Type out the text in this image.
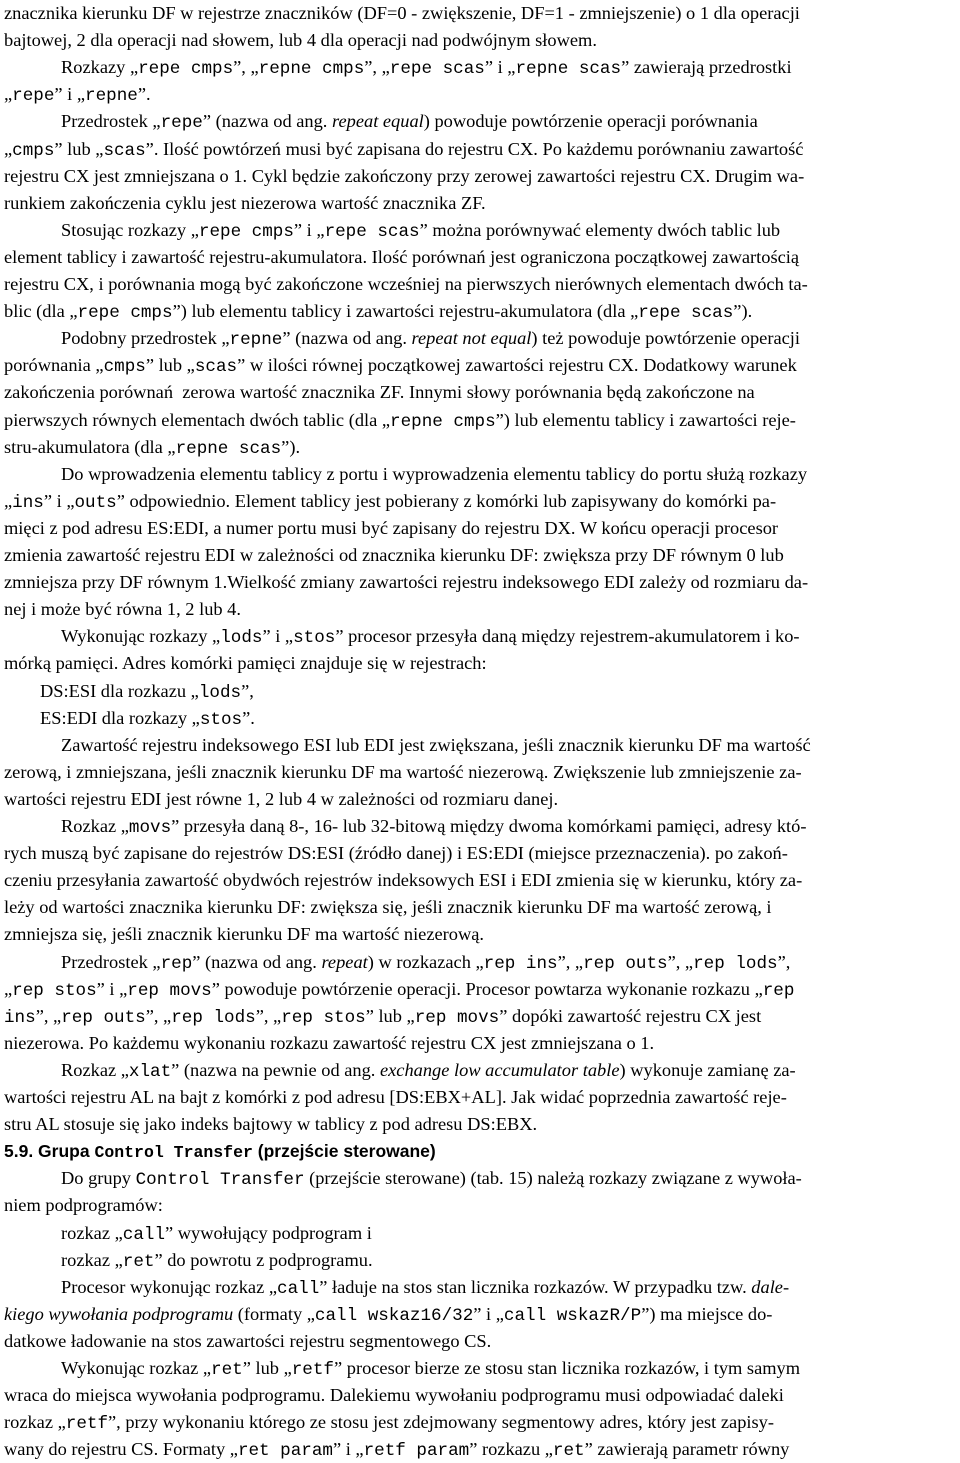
znacznika kierunku DF w rejestrze znaczników (DF=0 - zwiększenie, DF=1 - zmniejszenie) o 1 dla operacji
bajtowej, 2 dla operacji nad słowem, lub 4 dla operacji nad podwójnym słowem.
Rozkazy „repe cmps”, „repne cmps”, „repe scas” i „repne scas” zawierają przedrostki
„repe” i „repne”.
Przedrostek „repe” (nazwa od ang. repeat equal) powoduje powtórzenie operacji porównania
„cmps” lub „scas”. Ilość powtórzeń musi być zapisana do rejestru CX. Po każdemu porównaniu zawartość
rejestru CX jest zmniejszana o 1. Cykl będzie zakończony przy zerowej zawartości rejestru CX. Drugim wa-
runkiem zakończenia cyklu jest niezerowa wartość znacznika ZF.
Stosując rozkazy „repe cmps” i „repe scas” można porównywać elementy dwóch tablic lub
element tablicy i zawartość rejestru-akumulatora. Ilość porównań jest ograniczona początkowej zawartością
rejestru CX, i porównania mogą być zakończone wcześniej na pierwszych nierównych elementach dwóch ta-
blic (dla „repe cmps”) lub elementu tablicy i zawartości rejestru-akumulatora (dla „repe scas”).
Podobny przedrostek „repne” (nazwa od ang. repeat not equal) też powoduje powtórzenie operacji
porównania „cmps” lub „scas” w ilości równej początkowej zawartości rejestru CX. Dodatkowy warunek
zakończenia porównań  zerowa wartość znacznika ZF. Innymi słowy porównania będą zakończone na
pierwszych równych elementach dwóch tablic (dla „repne cmps”) lub elementu tablicy i zawartości reje-
stru-akumulatora (dla „repne scas”).
Do wprowadzenia elementu tablicy z portu i wyprowadzenia elementu tablicy do portu służą rozkazy
„ins” i „outs” odpowiednio. Element tablicy jest pobierany z komórki lub zapisywany do komórki pa-
mięci z pod adresu ES:EDI, a numer portu musi być zapisany do rejestru DX. W końcu operacji procesor
zmienia zawartość rejestru EDI w zależności od znacznika kierunku DF: zwiększa przy DF równym 0 lub
zmniejsza przy DF równym 1.Wielkość zmiany zawartości rejestru indeksowego EDI zależy od rozmiaru da-
nej i może być równa 1, 2 lub 4.
Wykonując rozkazy „lods” i „stos” procesor przesyła daną między rejestrem-akumulatorem i ko-
mórką pamięci. Adres komórki pamięci znajduje się w rejestrach:
DS:ESI dla rozkazu „lods”,
ES:EDI dla rozkazy „stos”.
Zawartość rejestru indeksowego ESI lub EDI jest zwiększana, jeśli znacznik kierunku DF ma wartość
zerową, i zmniejszana, jeśli znacznik kierunku DF ma wartość niezerową. Zwiększenie lub zmniejszenie za-
wartości rejestru EDI jest równe 1, 2 lub 4 w zależności od rozmiaru danej.
Rozkaz „movs” przesyła daną 8-, 16- lub 32-bitową między dwoma komórkami pamięci, adresy któ-
rych muszą być zapisane do rejestrów DS:ESI (źródło danej) i ES:EDI (miejsce przeznaczenia). po zakoń-
czeniu przesyłania zawartość obydwóch rejestrów indeksowych ESI i EDI zmienia się w kierunku, który za-
leży od wartości znacznika kierunku DF: zwiększa się, jeśli znacznik kierunku DF ma wartość zerową, i
zmniejsza się, jeśli znacznik kierunku DF ma wartość niezerową.
Przedrostek „rep” (nazwa od ang. repeat) w rozkazach „rep ins”, „rep outs”, „rep lods”,
„rep stos” i „rep movs” powoduje powtórzenie operacji. Procesor powtarza wykonanie rozkazu „rep
ins”, „rep outs”, „rep lods”, „rep stos” lub „rep movs” dopóki zawartość rejestru CX jest
niezerowa. Po każdemu wykonaniu rozkazu zawartość rejestru CX jest zmniejszana o 1.
Rozkaz „xlat” (nazwa na pewnie od ang. exchange low accumulator table) wykonuje zamianę za-
wartości rejestru AL na bajt z komórki z pod adresu [DS:EBX+AL]. Jak widać poprzednia zawartość reje-
stru AL stosuje się jako indeks bajtowy w tablicy z pod adresu DS:EBX.
5.9. Grupa Control Transfer (przejście sterowane)
Do grupy Control Transfer (przejście sterowane) (tab. 15) należą rozkazy związane z wywoła-
niem podprogramów:
rozkaz „call” wywołujący podprogram i
rozkaz „ret” do powrotu z podprogramu.
Procesor wykonując rozkaz „call” ładuje na stos stan licznika rozkazów. W przypadku tzw. dale-
kiego wywołania podprogramu (formaty „call wskaz16/32” i „call wskazR/P”) ma miejsce do-
datkowe ładowanie na stos zawartości rejestru segmentowego CS.
Wykonując rozkaz „ret” lub „retf” procesor bierze ze stosu stan licznika rozkazów, i tym samym
wraca do miejsca wywołania podprogramu. Dalekiemu wywołaniu podprogramu musi odpowiadać daleki
rozkaz „retf”, przy wykonaniu którego ze stosu jest zdejmowany segmentowy adres, który jest zapisy-
wany do rejestru CS. Formaty „ret param” i „retf param” rozkazu „ret” zawierają parametr równy
